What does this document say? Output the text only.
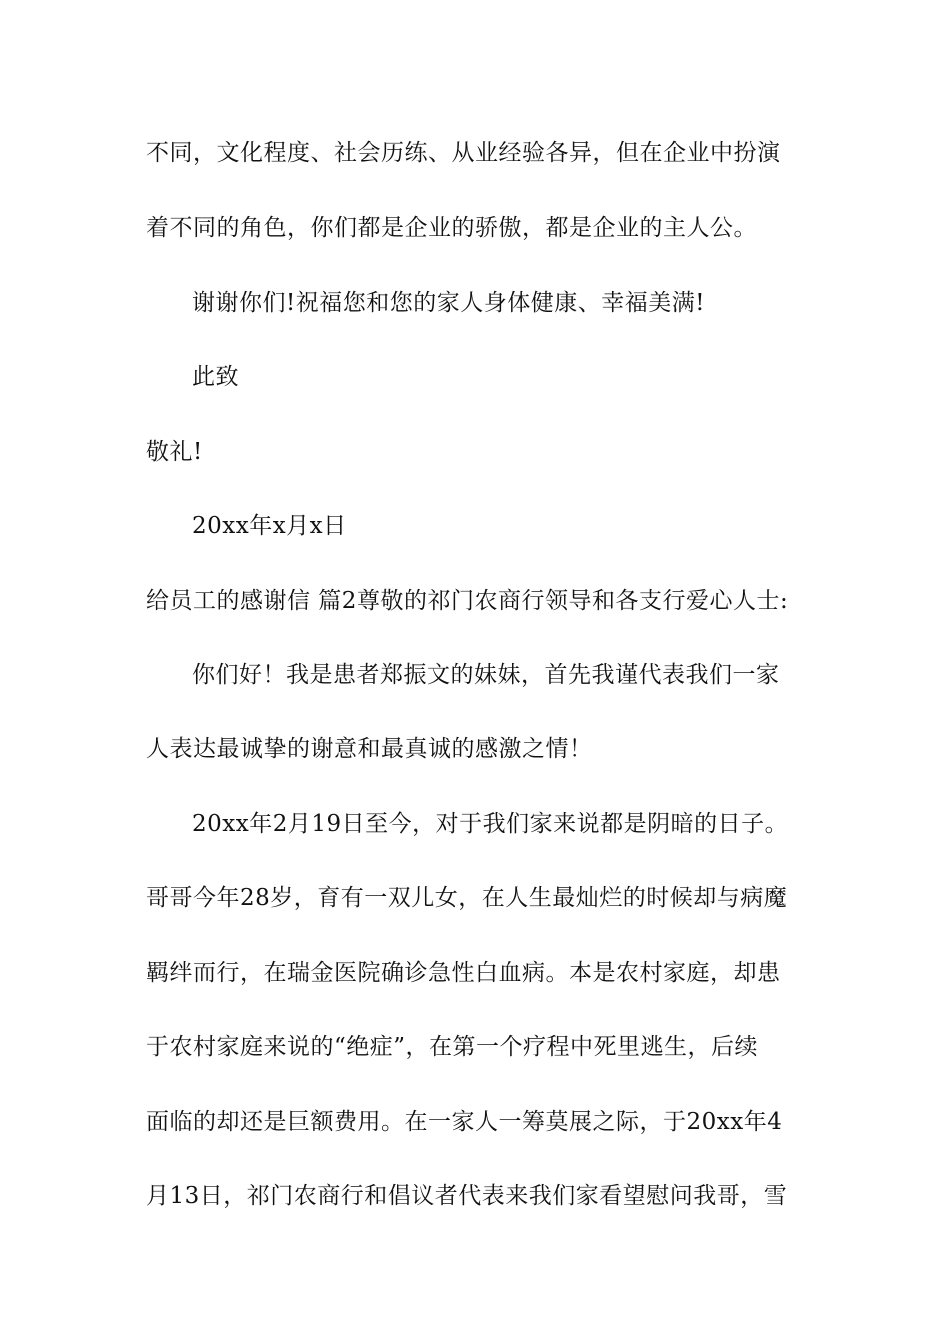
不同，文化程度、社会历练、从业经验各异，但在企业中扮演
着不同的角色，你们都是企业的骄傲，都是企业的主人公。
谢谢你们!祝福您和您的家人身体健康、幸福美满!
此致
敬礼!
20xx年x月x日
给员工的感谢信 篇2尊敬的祁门农商行领导和各支行爱心人士:
你们好！我是患者郑振文的妹妹，首先我谨代表我们一家
人表达最诚挚的谢意和最真诚的感激之情！
20xx年2月19日至今，对于我们家来说都是阴暗的日子。
哥哥今年28岁，育有一双儿女，在人生最灿烂的时候却与病魔
羁绊而行，在瑞金医院确诊急性白血病。本是农村家庭，却患
于农村家庭来说的“绝症”，在第一个疗程中死里逃生，后续
面临的却还是巨额费用。在一家人一筹莫展之际，于20xx年4
月13日，祁门农商行和倡议者代表来我们家看望慰问我哥，雪
